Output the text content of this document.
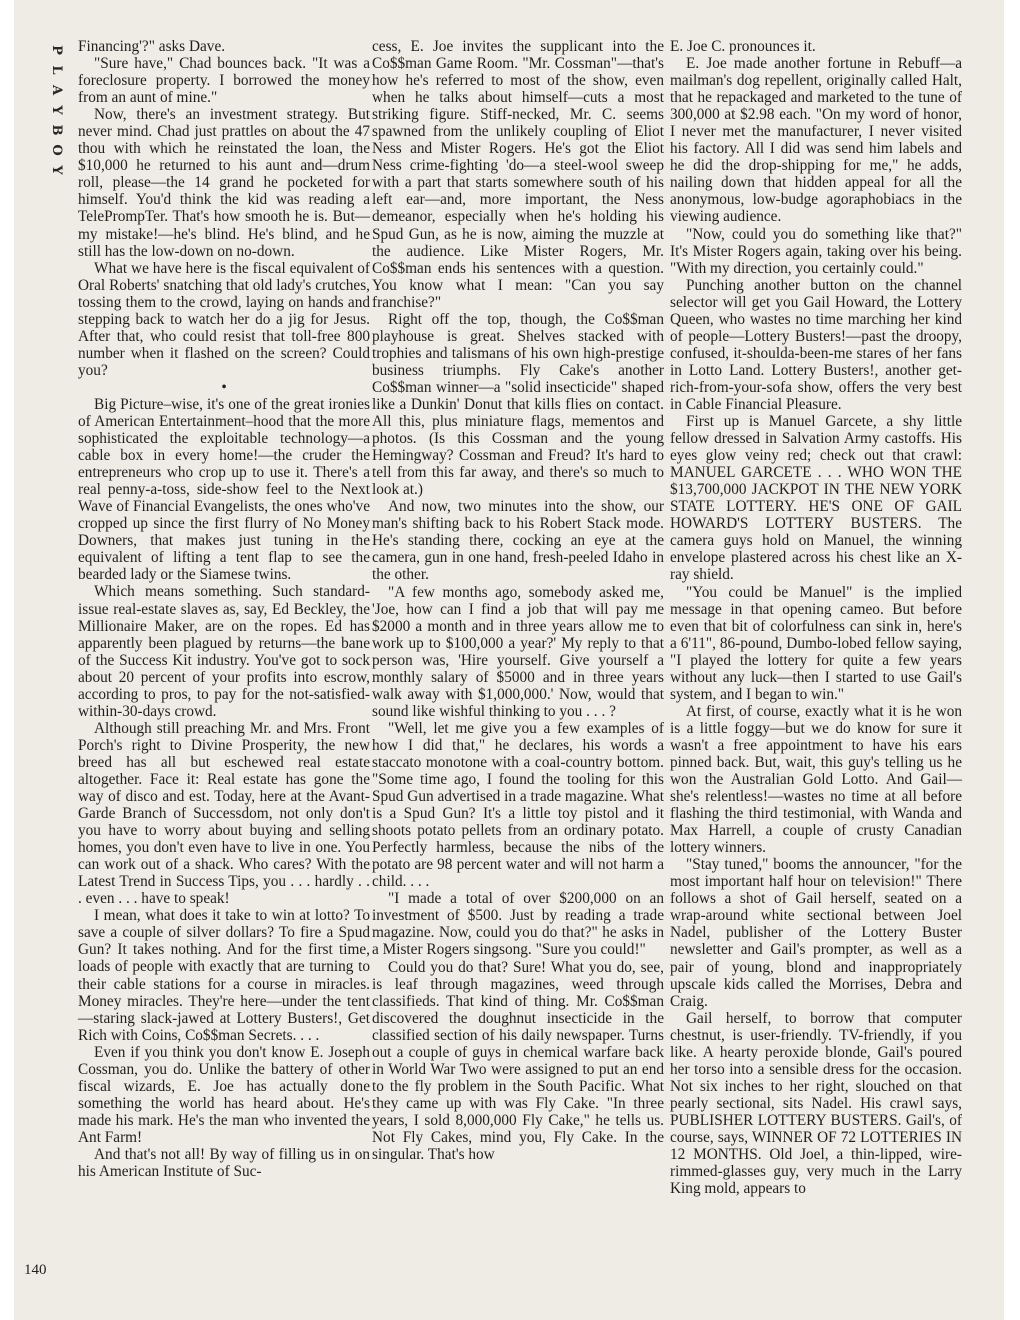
P
L
A
Y
B
O
Y

Financing'?" asks Dave.

"Sure have," Chad bounces back. "It was a foreclosure property. I borrowed the money from an aunt of mine."

Now, there's an investment strategy. But never mind. Chad just prattles on about the 47 thou with which he reinstated the loan, the $10,000 he returned to his aunt and—drum roll, please—the 14 grand he pocketed for himself. You'd think the kid was reading a TelePrompTer. That's how smooth he is. But—my mistake!—he's blind. He's blind, and he still has the low-down on no-down.

What we have here is the fiscal equivalent of Oral Roberts' snatching that old lady's crutches, tossing them to the crowd, laying on hands and stepping back to watch her do a jig for Jesus. After that, who could resist that toll-free 800 number when it flashed on the screen? Could you?

•

Big Picture–wise, it's one of the great ironies of American Entertainment–hood that the more sophisticated the exploitable technology—a cable box in every home!—the cruder the entrepreneurs who crop up to use it. There's a real penny-a-toss, side-show feel to the Next Wave of Financial Evangelists, the ones who've cropped up since the first flurry of No Money Downers, that makes just tuning in the equivalent of lifting a tent flap to see the bearded lady or the Siamese twins.

Which means something. Such standard-issue real-estate slaves as, say, Ed Beckley, the Millionaire Maker, are on the ropes. Ed has apparently been plagued by returns—the bane of the Success Kit industry. You've got to sock about 20 percent of your profits into escrow, according to pros, to pay for the not-satisfied-within-30-days crowd.

Although still preaching Mr. and Mrs. Front Porch's right to Divine Prosperity, the new breed has all but eschewed real estate altogether. Face it: Real estate has gone the way of disco and est. Today, here at the Avant-Garde Branch of Successdom, not only don't you have to worry about buying and selling homes, you don't even have to live in one. You can work out of a shack. Who cares? With the Latest Trend in Success Tips, you . . . hardly . . . even . . . have to speak!

I mean, what does it take to win at lotto? To save a couple of silver dollars? To fire a Spud Gun? It takes nothing. And for the first time, loads of people with exactly that are turning to their cable stations for a course in miracles. Money miracles. They're here—under the tent—staring slack-jawed at Lottery Busters!, Get Rich with Coins, Co$$man Secrets. . . .

Even if you think you don't know E. Joseph Cossman, you do. Unlike the battery of other fiscal wizards, E. Joe has actually done something the world has heard about. He's made his mark. He's the man who invented the Ant Farm!

And that's not all! By way of filling us in on his American Institute of Suc-

cess, E. Joe invites the supplicant into the Co$$man Game Room. "Mr. Cossman"—that's how he's referred to most of the show, even when he talks about himself—cuts a most striking figure. Stiff-necked, Mr. C. seems spawned from the unlikely coupling of Eliot Ness and Mister Rogers. He's got the Eliot Ness crime-fighting 'do—a steel-wool sweep with a part that starts somewhere south of his left ear—and, more important, the Ness demeanor, especially when he's holding his Spud Gun, as he is now, aiming the muzzle at the audience. Like Mister Rogers, Mr. Co$$man ends his sentences with a question. You know what I mean: "Can you say franchise?"

Right off the top, though, the Co$$man playhouse is great. Shelves stacked with trophies and talismans of his own high-prestige business triumphs. Fly Cake's another Co$$man winner—a "solid insecticide" shaped like a Dunkin' Donut that kills flies on contact. All this, plus miniature flags, mementos and photos. (Is this Cossman and the young Hemingway? Cossman and Freud? It's hard to tell from this far away, and there's so much to look at.)

And now, two minutes into the show, our man's shifting back to his Robert Stack mode. He's standing there, cocking an eye at the camera, gun in one hand, fresh-peeled Idaho in the other.

"A few months ago, somebody asked me, 'Joe, how can I find a job that will pay me $2000 a month and in three years allow me to work up to $100,000 a year?' My reply to that person was, 'Hire yourself. Give yourself a monthly salary of $5000 and in three years walk away with $1,000,000.' Now, would that sound like wishful thinking to you . . . ?

"Well, let me give you a few examples of how I did that," he declares, his words a staccato monotone with a coal-country bottom. "Some time ago, I found the tooling for this Spud Gun advertised in a trade magazine. What is a Spud Gun? It's a little toy pistol and it shoots potato pellets from an ordinary potato. Perfectly harmless, because the nibs of the potato are 98 percent water and will not harm a child. . . .

"I made a total of over $200,000 on an investment of $500. Just by reading a trade magazine. Now, could you do that?" he asks in a Mister Rogers singsong. "Sure you could!"

Could you do that? Sure! What you do, see, is leaf through magazines, weed through classifieds. That kind of thing. Mr. Co$$man discovered the doughnut insecticide in the classified section of his daily newspaper. Turns out a couple of guys in chemical warfare back in World War Two were assigned to put an end to the fly problem in the South Pacific. What they came up with was Fly Cake. "In three years, I sold 8,000,000 Fly Cake," he tells us. Not Fly Cakes, mind you, Fly Cake. In the singular. That's how

E. Joe C. pronounces it.

E. Joe made another fortune in Rebuff—a mailman's dog repellent, originally called Halt, that he repackaged and marketed to the tune of 300,000 at $2.98 each. "On my word of honor, I never met the manufacturer, I never visited his factory. All I did was send him labels and he did the drop-shipping for me," he adds, nailing down that hidden appeal for all the anonymous, low-budge agoraphobiacs in the viewing audience.

"Now, could you do something like that?" It's Mister Rogers again, taking over his being. "With my direction, you certainly could."

Punching another button on the channel selector will get you Gail Howard, the Lottery Queen, who wastes no time marching her kind of people—Lottery Busters!—past the droopy, confused, it-shoulda-been-me stares of her fans in Lotto Land. Lottery Busters!, another get-rich-from-your-sofa show, offers the very best in Cable Financial Pleasure.

First up is Manuel Garcete, a shy little fellow dressed in Salvation Army castoffs. His eyes glow veiny red; check out that crawl: MANUEL GARCETE . . . WHO WON THE $13,700,000 JACKPOT IN THE NEW YORK STATE LOTTERY. HE'S ONE OF GAIL HOWARD'S LOTTERY BUSTERS. The camera guys hold on Manuel, the winning envelope plastered across his chest like an X-ray shield.

"You could be Manuel" is the implied message in that opening cameo. But before even that bit of colorfulness can sink in, here's a 6'11", 86-pound, Dumbo-lobed fellow saying, "I played the lottery for quite a few years without any luck—then I started to use Gail's system, and I began to win."

At first, of course, exactly what it is he won is a little foggy—but we do know for sure it wasn't a free appointment to have his ears pinned back. But, wait, this guy's telling us he won the Australian Gold Lotto. And Gail—she's relentless!—wastes no time at all before flashing the third testimonial, with Wanda and Max Harrell, a couple of crusty Canadian lottery winners.

"Stay tuned," booms the announcer, "for the most important half hour on television!" There follows a shot of Gail herself, seated on a wrap-around white sectional between Joel Nadel, publisher of the Lottery Buster newsletter and Gail's prompter, as well as a pair of young, blond and inappropriately upscale kids called the Morrises, Debra and Craig.

Gail herself, to borrow that computer chestnut, is user-friendly. TV-friendly, if you like. A hearty peroxide blonde, Gail's poured her torso into a sensible dress for the occasion. Not six inches to her right, slouched on that pearly sectional, sits Nadel. His crawl says, PUBLISHER LOTTERY BUSTERS. Gail's, of course, says, WINNER OF 72 LOTTERIES IN 12 MONTHS. Old Joel, a thin-lipped, wire-rimmed-glasses guy, very much in the Larry King mold, appears to

140
